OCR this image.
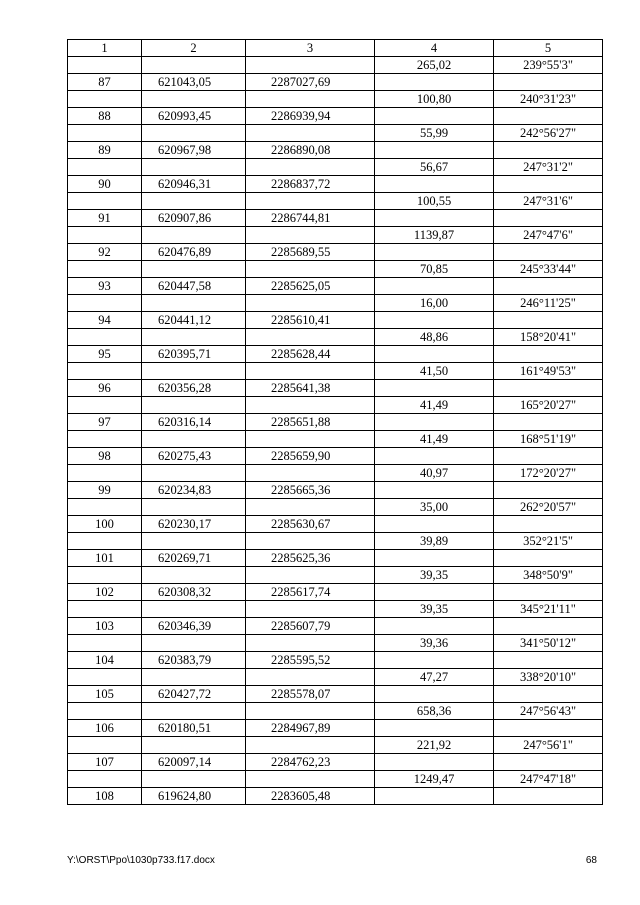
1	2	3	4	5
			265,02	239°55'3"
87	621043,05	2287027,69		
			100,80	240°31'23"
88	620993,45	2286939,94		
			55,99	242°56'27"
89	620967,98	2286890,08		
			56,67	247°31'2"
90	620946,31	2286837,72		
			100,55	247°31'6"
91	620907,86	2286744,81		
			1139,87	247°47'6"
92	620476,89	2285689,55		
			70,85	245°33'44"
93	620447,58	2285625,05		
			16,00	246°11'25"
94	620441,12	2285610,41		
			48,86	158°20'41"
95	620395,71	2285628,44		
			41,50	161°49'53"
96	620356,28	2285641,38		
			41,49	165°20'27"
97	620316,14	2285651,88		
			41,49	168°51'19"
98	620275,43	2285659,90		
			40,97	172°20'27"
99	620234,83	2285665,36		
			35,00	262°20'57"
100	620230,17	2285630,67		
			39,89	352°21'5"
101	620269,71	2285625,36		
			39,35	348°50'9"
102	620308,32	2285617,74		
			39,35	345°21'11"
103	620346,39	2285607,79		
			39,36	341°50'12"
104	620383,79	2285595,52		
			47,27	338°20'10"
105	620427,72	2285578,07		
			658,36	247°56'43"
106	620180,51	2284967,89		
			221,92	247°56'1"
107	620097,14	2284762,23		
			1249,47	247°47'18"
108	619624,80	2283605,48		
Y:\ORST\Ppo\1030p733.f17.docx	68
